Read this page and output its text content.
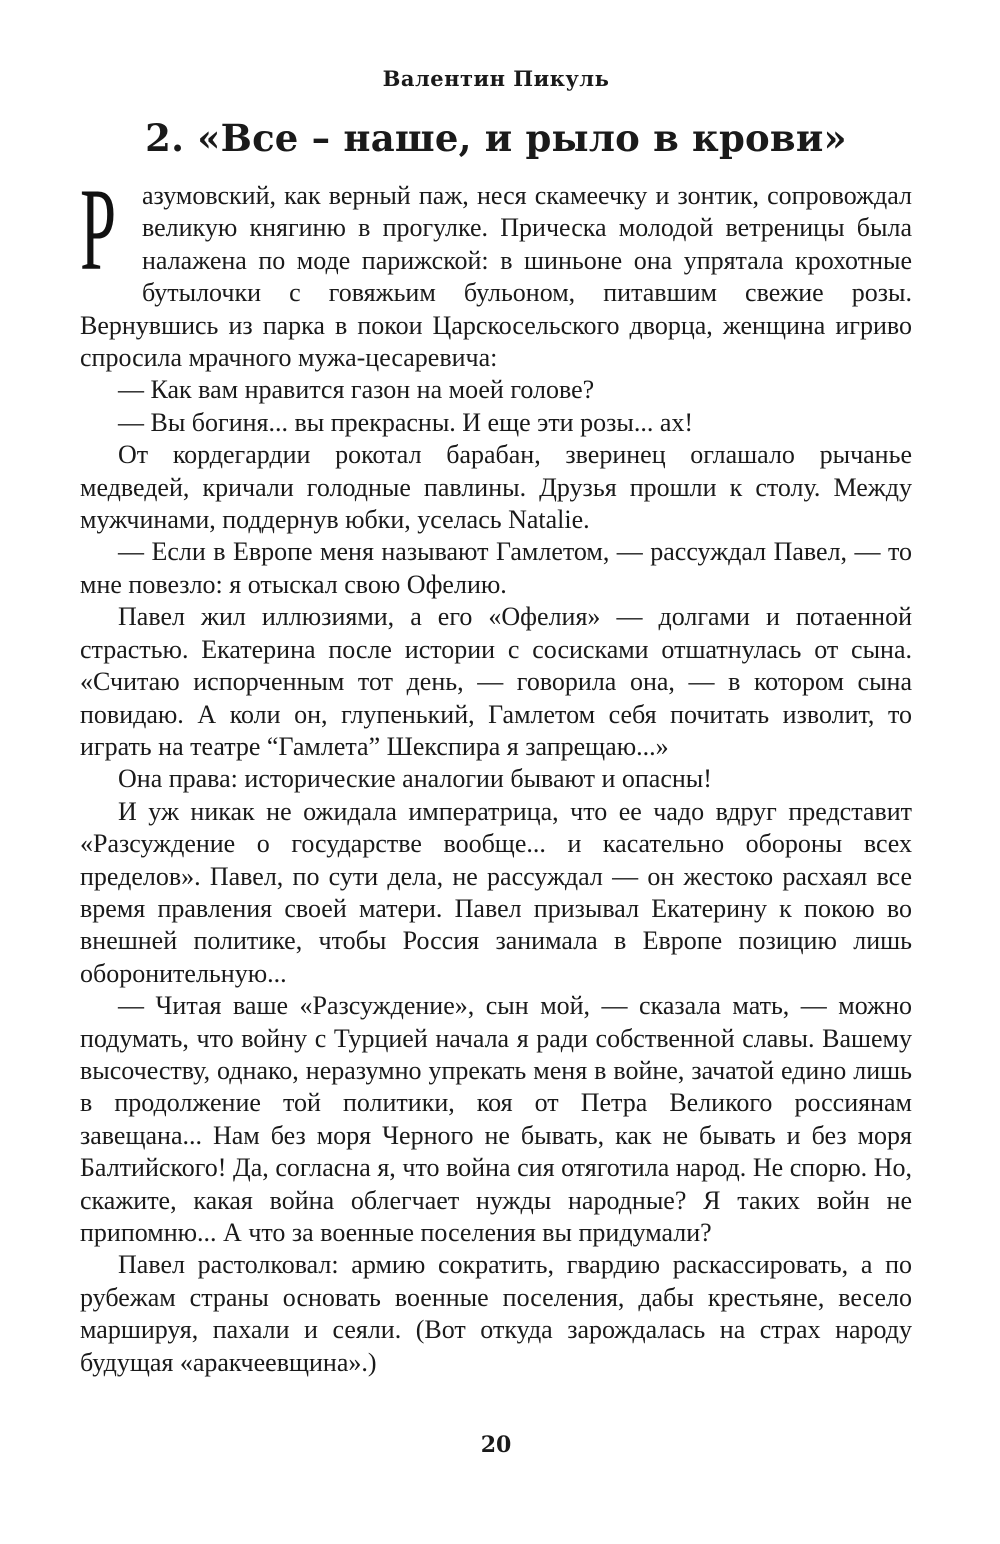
Валентин Пикуль
2. «Все – наше, и рыло в крови»

Разумовский, как верный паж, неся скамеечку и зонтик, сопровождал великую княгиню в прогулке. Прическа молодой ветреницы была налажена по моде парижской: в шиньоне она упрятала крохотные бутылочки с говяжьим бульоном, питавшим свежие розы. Вернувшись из парка в покои Царскосельского дворца, женщина игриво спросила мрачного мужа-цесаревича:

— Как вам нравится газон на моей голове?

— Вы богиня... вы прекрасны. И еще эти розы... ах!

От кордегардии рокотал барабан, зверинец оглашало рычанье медведей, кричали голодные павлины. Друзья прошли к столу. Между мужчинами, поддернув юбки, уселась Natalie.

— Если в Европе меня называют Гамлетом, — рассуждал Павел, — то мне повезло: я отыскал свою Офелию.

Павел жил иллюзиями, а его «Офелия» — долгами и потаенной страстью. Екатерина после истории с сосисками отшатнулась от сына. «Считаю испорченным тот день, — говорила она, — в котором сына повидаю. А коли он, глупенький, Гамлетом себя почитать изволит, то играть на театре “Гамлета” Шекспира я запрещаю...»

Она права: исторические аналогии бывают и опасны!

И уж никак не ожидала императрица, что ее чадо вдруг представит «Разсуждение о государстве вообще... и касательно обороны всех пределов». Павел, по сути дела, не рассуждал — он жестоко расхаял все время правления своей матери. Павел призывал Екатерину к покою во внешней политике, чтобы Россия занимала в Европе позицию лишь оборонительную...

— Читая ваше «Разсуждение», сын мой, — сказала мать, — можно подумать, что войну с Турцией начала я ради собственной славы. Вашему высочеству, однако, неразумно упрекать меня в войне, зачатой едино лишь в продолжение той политики, коя от Петра Великого россиянам завещана... Нам без моря Черного не бывать, как не бывать и без моря Балтийского! Да, согласна я, что война сия отяготила народ. Не спорю. Но, скажите, какая война облегчает нужды народные? Я таких войн не припомню... А что за военные поселения вы придумали?

Павел растолковал: армию сократить, гвардию раскассировать, а по рубежам страны основать военные поселения, дабы крестьяне, весело маршируя, пахали и сеяли. (Вот откуда зарождалась на страх народу будущая «аракчеевщина».)

20
